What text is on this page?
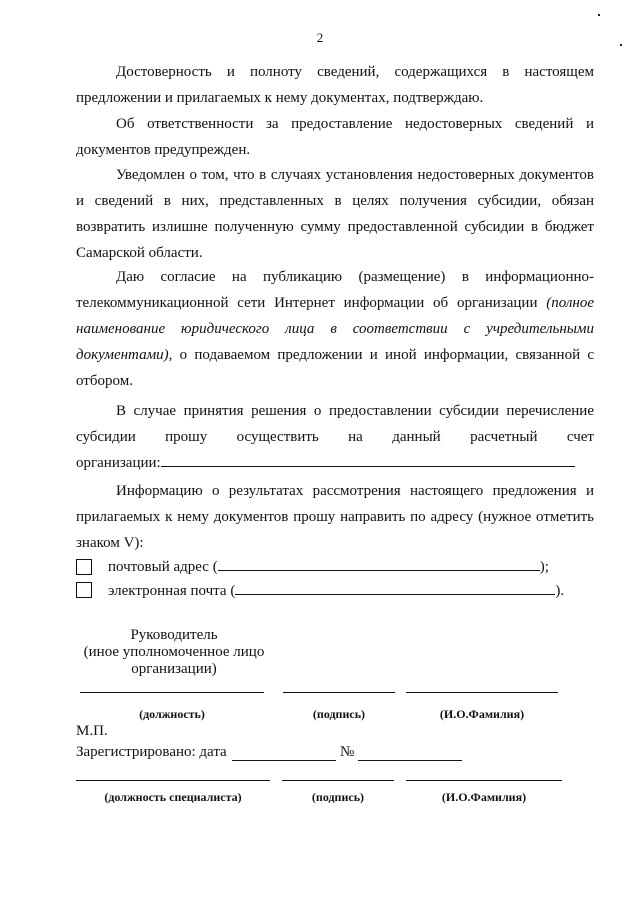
2

Достоверность и полноту сведений, содержащихся в настоящем предложении и прилагаемых к нему документах, подтверждаю.

Об ответственности за предоставление недостоверных сведений и документов предупрежден.

Уведомлен о том, что в случаях установления недостоверных документов и сведений в них, представленных в целях получения субсидии, обязан возвратить излишне полученную сумму предоставленной субсидии в бюджет Самарской области.

Даю согласие на публикацию (размещение) в информационно-телекоммуникационной сети Интернет информации об организации (полное наименование юридического лица в соответствии с учредительными документами), о подаваемом предложении и иной информации, связанной с отбором.

В случае принятия решения о предоставлении субсидии перечисление субсидии прошу осуществить на данный расчетный счет

организации:

Информацию о результатах рассмотрения настоящего предложения и прилагаемых к нему документов прошу направить по адресу (нужное отметить знаком V):

почтовый адрес (	);
электронная почта (	).
Руководитель
(иное уполномоченное лицо
организации)
(должность)	(подпись)	(И.О.Фамилия)
М.П.
Зарегистрировано: дата	№
(должность специалиста)	(подпись)	(И.О.Фамилия)
